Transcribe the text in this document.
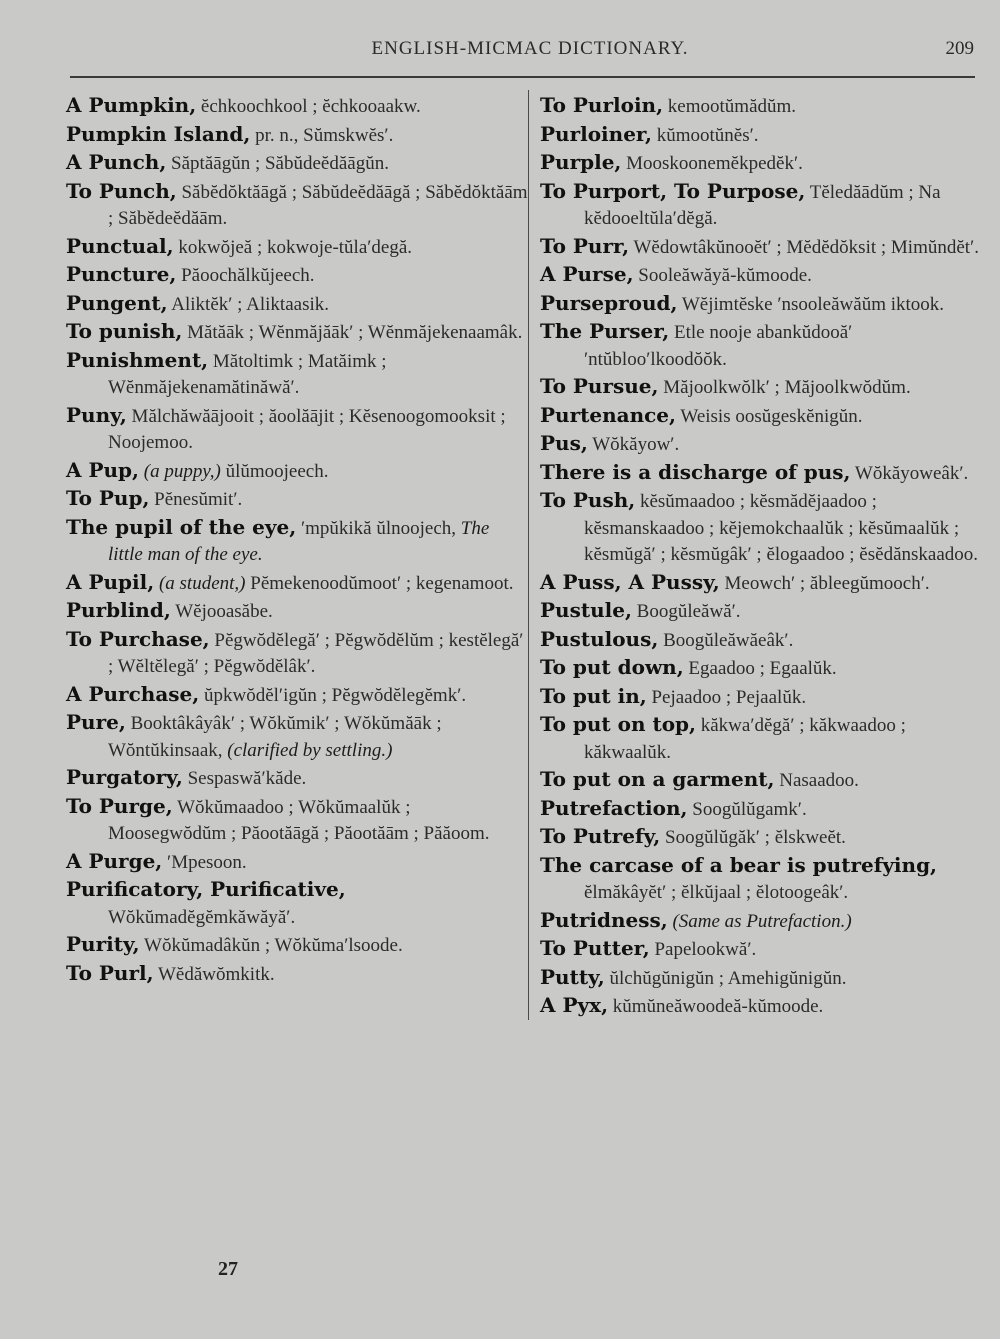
ENGLISH-MICMAC DICTIONARY.	209

A Pumpkin, ĕchkoochkool ; ĕchkooaakw.

Pumpkin Island, pr. n., Sŭmskwĕs′.

A Punch, Săptăāgŭn ; Săbŭdeĕdăāgŭn.

To Punch, Săbĕdŏktăāgă ; Săbŭdeĕdăāgă ; Săbĕdŏktăām ; Săbĕdeĕdăām.

Punctual, kokwŏjeă ; kokwoje-tŭla′degă.

Puncture, Păoochălkŭjeech.

Pungent, Aliktĕk′ ; Aliktaasik.

To punish, Mătăāk ; Wĕnmăjăāk′ ; Wĕnmăjekenaamâk.

Punishment, Mătoltimk ; Matăimk ; Wĕnmăjekenamătinăwă′.

Puny, Mălchăwăājooit ; ăoolăājit ; Kĕsenoogomooksit ; Noojemoo.

A Pup, (a puppy,) ŭlŭmoojeech.

To Pup, Pĕnesŭmit′.

The pupil of the eye, ′mpŭkikă ŭlnoojech, The little man of the eye.

A Pupil, (a student,) Pĕmekenoodŭmoot′ ; kegenamoot.

Purblind, Wĕjooasăbe.

To Purchase, Pĕgwŏdĕlegă′ ; Pĕgwŏdĕlŭm ; kestĕlegă′ ; Wĕltĕlegă′ ; Pĕgwŏdĕlâk′.

A Purchase, ŭpkwŏdĕl′igŭn ; Pĕgwŏdĕlegĕmk′.

Pure, Booktâkâyâk′ ; Wŏkŭmik′ ; Wŏkŭmăāk ; Wŏntŭkinsaak, (clarified by settling.)

Purgatory, Sespaswă′kăde.

To Purge, Wŏkŭmaadoo ; Wŏkŭmaalŭk ; Moosegwŏdŭm ; Păootăāgă ; Păootăām ; Păăoom.

A Purge, ′Mpesoon.

Purificatory, Purificative, Wŏkŭmadĕgĕmkăwăyă′.

Purity, Wŏkŭmadâkŭn ; Wŏkŭma′lsoode.

To Purl, Wĕdăwŏmkitk.

To Purloin, kemootŭmădŭm.

Purloiner, kŭmootŭnĕs′.

Purple, Mooskoonemĕkpedĕk′.

To Purport, To Purpose, Tĕledăādŭm ; Na kĕdooeltŭla′dĕgă.

To Purr, Wĕdowtâkŭnooĕt′ ; Mĕdĕdŏksit ; Mimŭndĕt′.

A Purse, Sooleăwăyă-kŭmoode.

Purseproud, Wĕjimtĕske ′nsooleăwăŭm iktook.

The Purser, Etle nooje abankŭdooă′ ′ntŭbloo′lkoodŏŏk.

To Pursue, Măjoolkwŏlk′ ; Măjoolkwŏdŭm.

Purtenance, Weisis oosŭgeskĕnigŭn.

Pus, Wŏkăyow′.

There is a discharge of pus, Wŏkăyoweâk′.

To Push, kĕsŭmaadoo ; kĕsmădĕjaadoo ; kĕsmanskaadoo ; kĕjemokchaalŭk ; kĕsŭmaalŭk ; kĕsmŭgă′ ; kĕsmŭgâk′ ; ĕlogaadoo ; ĕsĕdănskaadoo.

A Puss, A Pussy, Meowch′ ; ăbleegŭmooch′.

Pustule, Boogŭleăwă′.

Pustulous, Boogŭleăwăeâk′.

To put down, Egaadoo ; Egaalŭk.

To put in, Pejaadoo ; Pejaalŭk.

To put on top, kăkwa′dĕgă′ ; kăkwaadoo ; kăkwaalŭk.

To put on a garment, Nasaadoo.

Putrefaction, Soogŭlŭgamk′.

To Putrefy, Soogŭlŭgăk′ ; ĕlskweĕt.

The carcase of a bear is putrefying, ĕlmăkâyĕt′ ; ĕlkŭjaal ; ĕlotoogeâk′.

Putridness, (Same as Putrefaction.)

To Putter, Papelookwă′.

Putty, ŭlchŭgŭnigŭn ; Amehigŭnigŭn.

A Pyx, kŭmŭneăwoodeă-kŭmoode.

27
